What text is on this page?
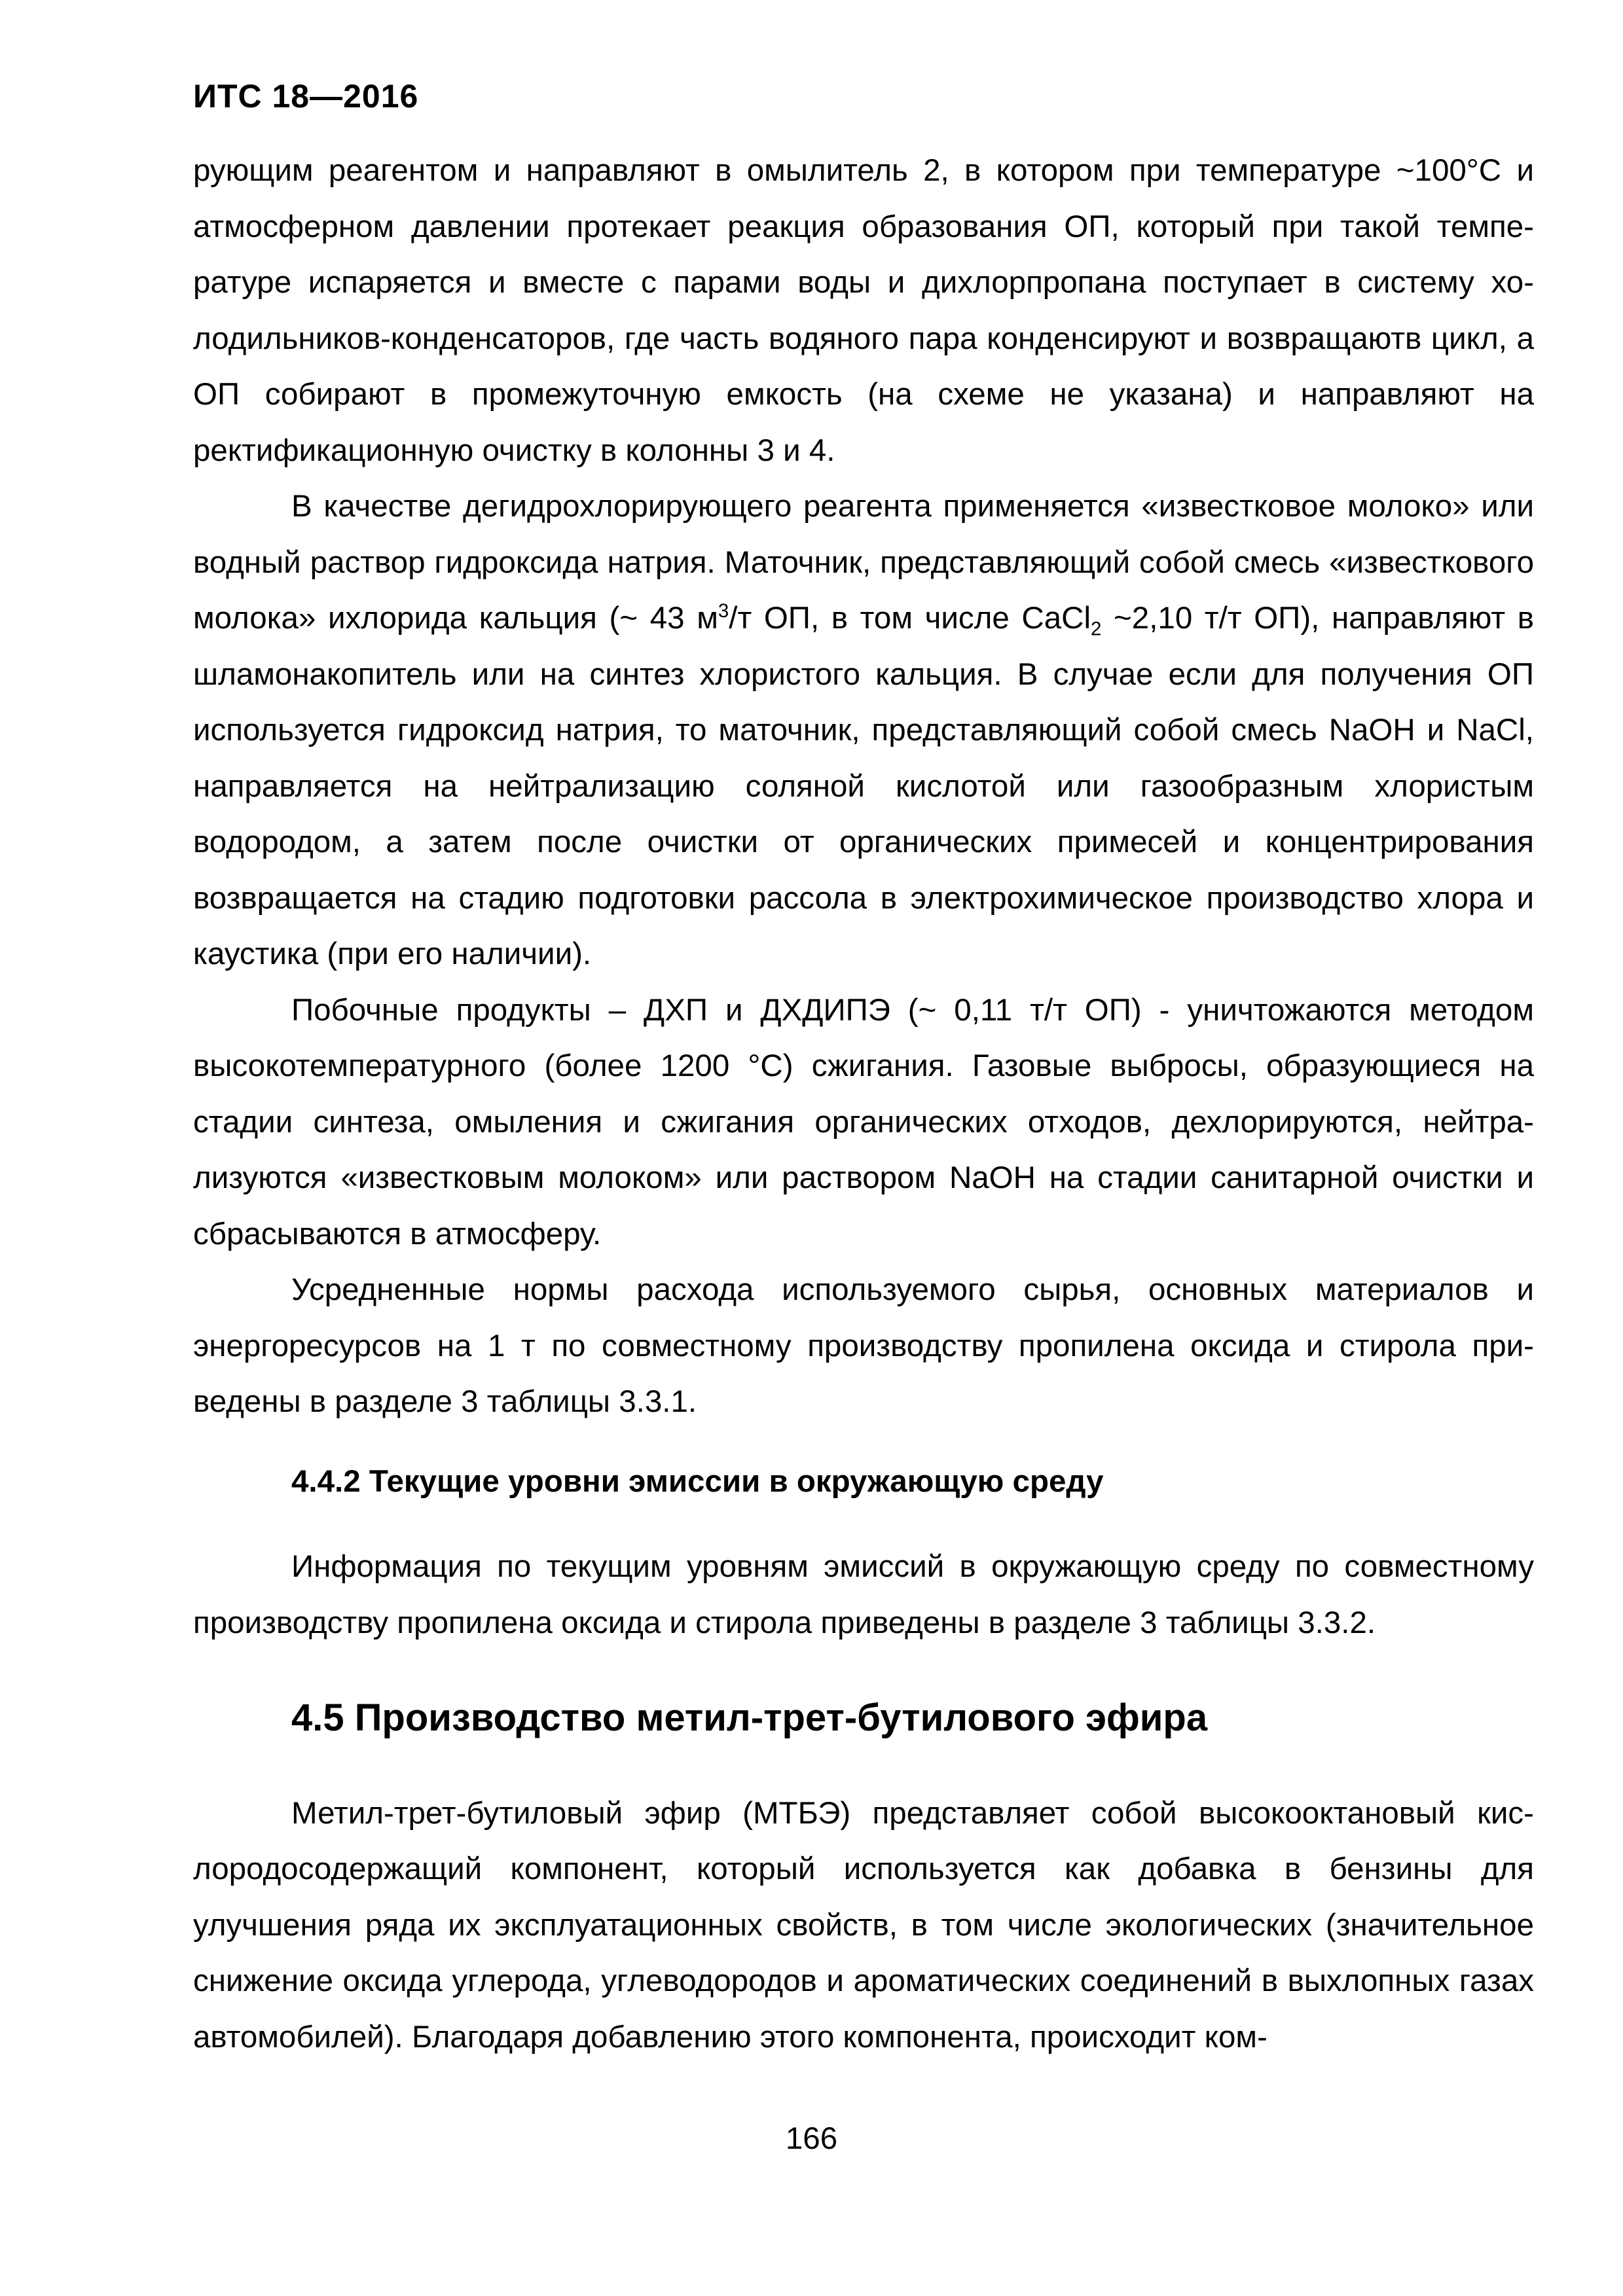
ИТС 18—2016

рующим реагентом и направляют в омылитель 2, в котором при температуре ~100°С и атмосферном давлении протекает реакция образования ОП, который при такой температуре испаряется и вместе с парами воды и дихлорпропана поступает в систему холодильников-конденсаторов, где часть водяного пара конденсируют и возвращаютв цикл, а ОП собирают в промежуточную емкость (на схеме не указана) и направляют на ректификационную очистку в колонны 3 и 4.

В качестве дегидрохлорирующего реагента применяется «известковое молоко» или водный раствор гидроксида натрия. Маточник, представляющий собой смесь «известкового молока» ихлорида кальция (~ 43 $м^3/т$ ОП, в том числе CaCl$_2$ ~2,10 т/т ОП), направляют в шламонакопитель или на синтез хлористого кальция. В случае если для получения ОП используется гидроксид натрия, то маточник, представляющий собой смесь NaOH и NaCl, направляется на нейтрализацию соляной кислотой или газообразным хлористым водородом, а затем после очистки от органических примесей и концентрирования возвращается на стадию подготовки рассола в электрохимическое производство хлора и каустика (при его наличии).

Побочные продукты – ДХП и ДХДИПЭ (~ 0,11 т/т ОП) - уничтожаются методом высокотемпературного (более 1200 °С) сжигания. Газовые выбросы, образующиеся на стадии синтеза, омыления и сжигания органических отходов, дехлорируются, нейтрализуются «известковым молоком» или раствором NaOH на стадии санитарной очистки и сбрасываются в атмосферу.

Усредненные нормы расхода используемого сырья, основных материалов и энергоресурсов на 1 т по совместному производству пропилена оксида и стирола приведены в разделе 3 таблицы 3.3.1.

4.4.2 Текущие уровни эмиссии в окружающую среду

Информация по текущим уровням эмиссий в окружающую среду по совместному производству пропилена оксида и стирола приведены в разделе 3 таблицы 3.3.2.

4.5 Производство метил-трет-бутилового эфира

Метил-трет-бутиловый эфир (МТБЭ) представляет собой высокооктановый кислородосодержащий компонент, который используется как добавка в бензины для улучшения ряда их эксплуатационных свойств, в том числе экологических (значительное снижение оксида углерода, углеводородов и ароматических соединений в выхлопных газах автомобилей). Благодаря добавлению этого компонента, происходит ком-

166
